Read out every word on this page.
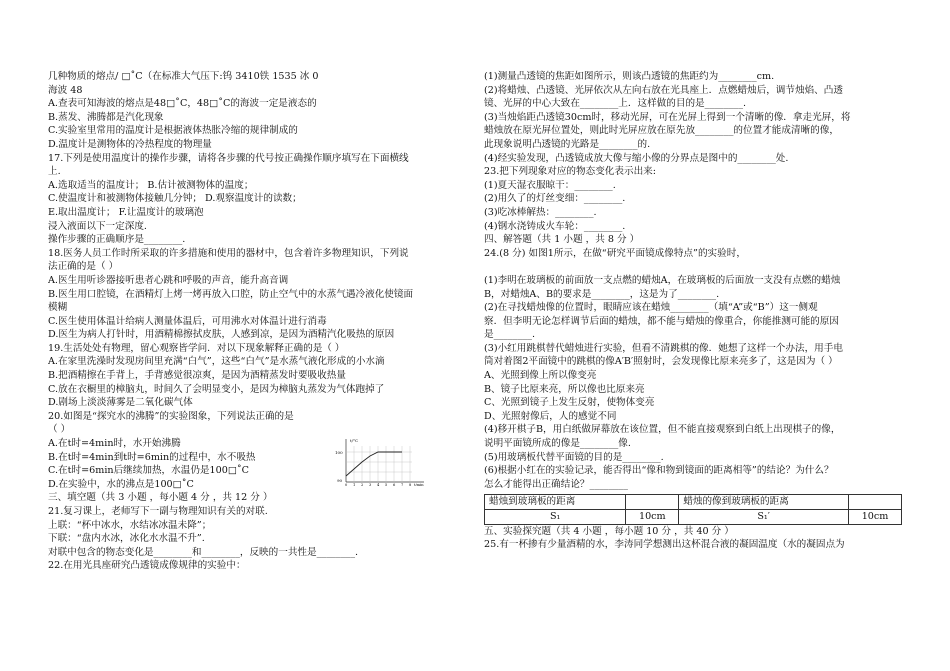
几种物质的熔点/ □˚C（在标准大气压下:钨 3410铁 1535 冰 0
海波 48
A.查表可知海波的熔点是48□˚C，48□˚C的海波一定是液态的
B.蒸发、沸腾都是汽化现象
C.实验室里常用的温度计是根据液体热胀冷缩的规律制成的
D.温度计是测物体的冷热程度的物理量
17.下列是使用温度计的操作步骤，请将各步骤的代号按正确操作顺序填写在下面横线
上.
A.选取适当的温度计； B.估计被测物体的温度；
C.使温度计和被测物体接触几分钟； D.观察温度计的读数；
E.取出温度计； F.让温度计的玻璃泡
浸入液面以下一定深度.
操作步骤的正确顺序是________.
18.医务人员工作时所采取的许多措施和使用的器材中，包含着许多物理知识，下列说
法正确的是（ ）
A.医生用听诊器接听患者心跳和呼吸的声音，能升高音调
B.医生用口腔镜，在酒精灯上烤一烤再放入口腔，防止空气中的水蒸气遇冷液化使镜面
模糊
C.医生使用体温计给病人测量体温后，可用沸水对体温计进行消毒
D.医生为病人打针时，用酒精棉擦拭皮肤，人感到凉，是因为酒精汽化吸热的原因
19.生活处处有物理，留心观察皆学问．对以下现象解释正确的是（ ）
A.在家里洗澡时发现房间里充满“白气”，这些“白气”是水蒸气液化形成的小水滴
B.把酒精擦在手背上，手背感觉很凉爽，是因为酒精蒸发时要吸收热量
C.放在衣橱里的樟脑丸，时间久了会明显变小，是因为樟脑丸蒸发为气体跑掉了
D.剧场上淡淡薄雾是二氧化碳气体
20.如图是“探究水的沸腾”的实验图象，下列说法正确的是
（ ）
A.在t时=4min时，水开始沸腾
B.在t时=4min到t时=6min的过程中，水不吸热
C.在t时=6min后继续加热，水温仍是100□˚C
D.在实验中，水的沸点是100□˚C
三、填空题（共 3 小题 ，每小题 4 分 ，共 12 分 ）
21.复习课上，老师写下一副与物理知识有关的对联.
上联：“杯中冰水，水结冰冰温未降”；
下联：“盘内水冰，冰化水水温不升”.
对联中包含的物态变化是________和________，反映的一共性是________.
22.在用光具座研究凸透镜成像规律的实验中：
t/°C
100
90
0 1 2 3 4 5 6 7 8 t/min
(1)测量凸透镜的焦距如图所示，则该凸透镜的焦距约为________cm.
(2)将蜡烛、凸透镜、光屏依次从左向右放在光具座上．点燃蜡烛后，调节烛焰、凸透
镜、光屏的中心大致在________上．这样做的目的是________.
(3)当烛焰距凸透镜30cm时，移动光屏，可在光屏上得到一个清晰的像．拿走光屏，将
蜡烛放在原光屏位置处，则此时光屏应放在原先放________的位置才能成清晰的像，
此现象说明凸透镜的光路是________的.
(4)经实验发现，凸透镜成放大像与缩小像的分界点是图中的________处.
23.把下列现象对应的物态变化表示出来:
(1)夏天湿衣服晾干：________.
(2)用久了的灯丝变细：________.
(3)吃冰棒解热：________.
(4)钢水浇铸成火车轮：________.
四、解答题（共 1 小题 ，共 8 分 ）
24.(8 分) 如图1所示，在做“研究平面镜成像特点”的实验时，

(1)李明在玻璃板的前面放一支点燃的蜡烛A，在玻璃板的后面放一支没有点燃的蜡烛
B，对蜡烛A、B的要求是________，这是为了________.
(2)在寻找蜡烛像的位置时，眼睛应该在蜡烛________（填“A”或“B”）这一侧观
察．但李明无论怎样调节后面的蜡烛，都不能与蜡烛的像重合，你能推测可能的原因
是________.
(3)小红用跳棋替代蜡烛进行实验，但看不清跳棋的像．她想了这样一个办法，用手电
筒对着图2平面镜中的跳棋的像A′B′照射时，会发现像比原来亮多了，这是因为（ ）
A、光照到像上所以像变亮
B、镜子比原来亮，所以像也比原来亮
C、光照到镜子上发生反射，使物体变亮
D、光照射像后，人的感觉不同
(4)移开棋子B，用白纸做屏幕放在该位置，但不能直接观察到白纸上出现棋子的像，
说明平面镜所成的像是________像.
(5)用玻璃板代替平面镜的目的是________.
(6)根据小红在的实验记录，能否得出“像和物到镜面的距离相等”的结论？为什么？
怎么才能得出正确结论？________
蜡烛到玻璃板的距离		蜡烛的像到玻璃板的距离	
S₁	10cm	S₁′	10cm
五、实验探究题（共 4 小题 ，每小题 10 分 ，共 40 分 ）
25.有一杯掺有少量酒精的水，李涛同学想测出这杯混合液的凝固温度（水的凝固点为
